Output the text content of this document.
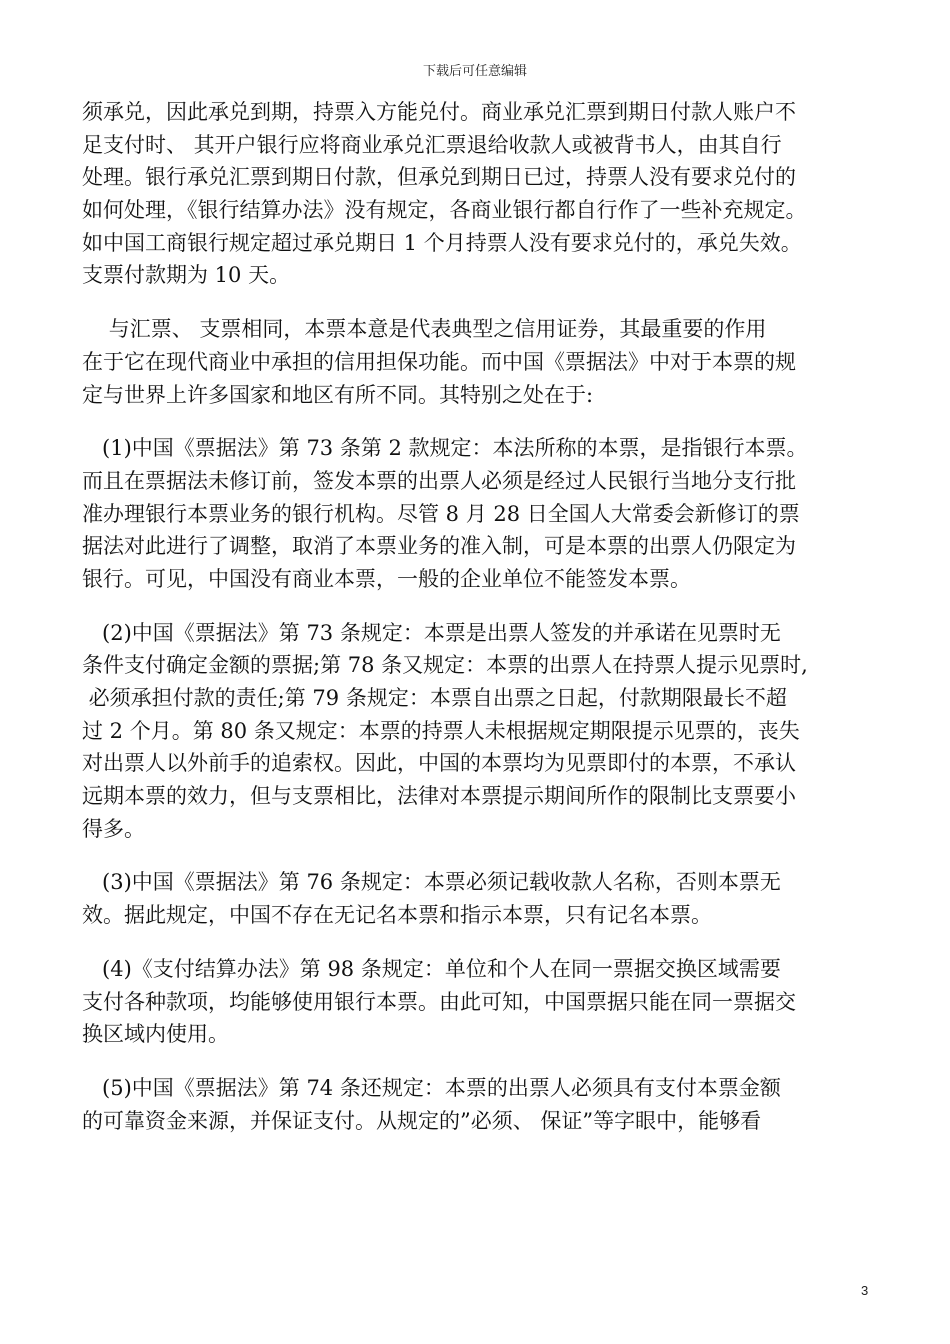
下载后可任意编辑
须承兑，因此承兑到期，持票入方能兑付。商业承兑汇票到期日付款人账户不
足支付时、 其开户银行应将商业承兑汇票退给收款人或被背书人，由其自行
处理。银行承兑汇票到期日付款，但承兑到期日已过，持票人没有要求兑付的
如何处理，《银行结算办法》没有规定，各商业银行都自行作了一些补充规定。
如中国工商银行规定超过承兑期日 1 个月持票人没有要求兑付的，承兑失效。
支票付款期为 10 天。
与汇票、 支票相同，本票本意是代表典型之信用证券，其最重要的作用
在于它在现代商业中承担的信用担保功能。而中国《票据法》中对于本票的规
定与世界上许多国家和地区有所不同。其特别之处在于:
(1)中国《票据法》第 73 条第 2 款规定：本法所称的本票，是指银行本票。
而且在票据法未修订前，签发本票的出票人必须是经过人民银行当地分支行批
准办理银行本票业务的银行机构。尽管 8 月 28 日全国人大常委会新修订的票
据法对此进行了调整，取消了本票业务的准入制，可是本票的出票人仍限定为
银行。可见，中国没有商业本票，一般的企业单位不能签发本票。
(2)中国《票据法》第 73 条规定：本票是出票人签发的并承诺在见票时无
条件支付确定金额的票据;第 78 条又规定：本票的出票人在持票人提示见票时,
必须承担付款的责任;第 79 条规定：本票自出票之日起，付款期限最长不超
过 2 个月。第 80 条又规定：本票的持票人未根据规定期限提示见票的，丧失
对出票人以外前手的追索权。因此，中国的本票均为见票即付的本票，不承认
远期本票的效力，但与支票相比，法律对本票提示期间所作的限制比支票要小
得多。
(3)中国《票据法》第 76 条规定：本票必须记载收款人名称，否则本票无
效。据此规定，中国不存在无记名本票和指示本票，只有记名本票。
(4)《支付结算办法》第 98 条规定：单位和个人在同一票据交换区域需要
支付各种款项，均能够使用银行本票。由此可知，中国票据只能在同一票据交
换区域内使用。
(5)中国《票据法》第 74 条还规定：本票的出票人必须具有支付本票金额
的可靠资金来源，并保证支付。从规定的”必须、 保证”等字眼中，能够看
3
